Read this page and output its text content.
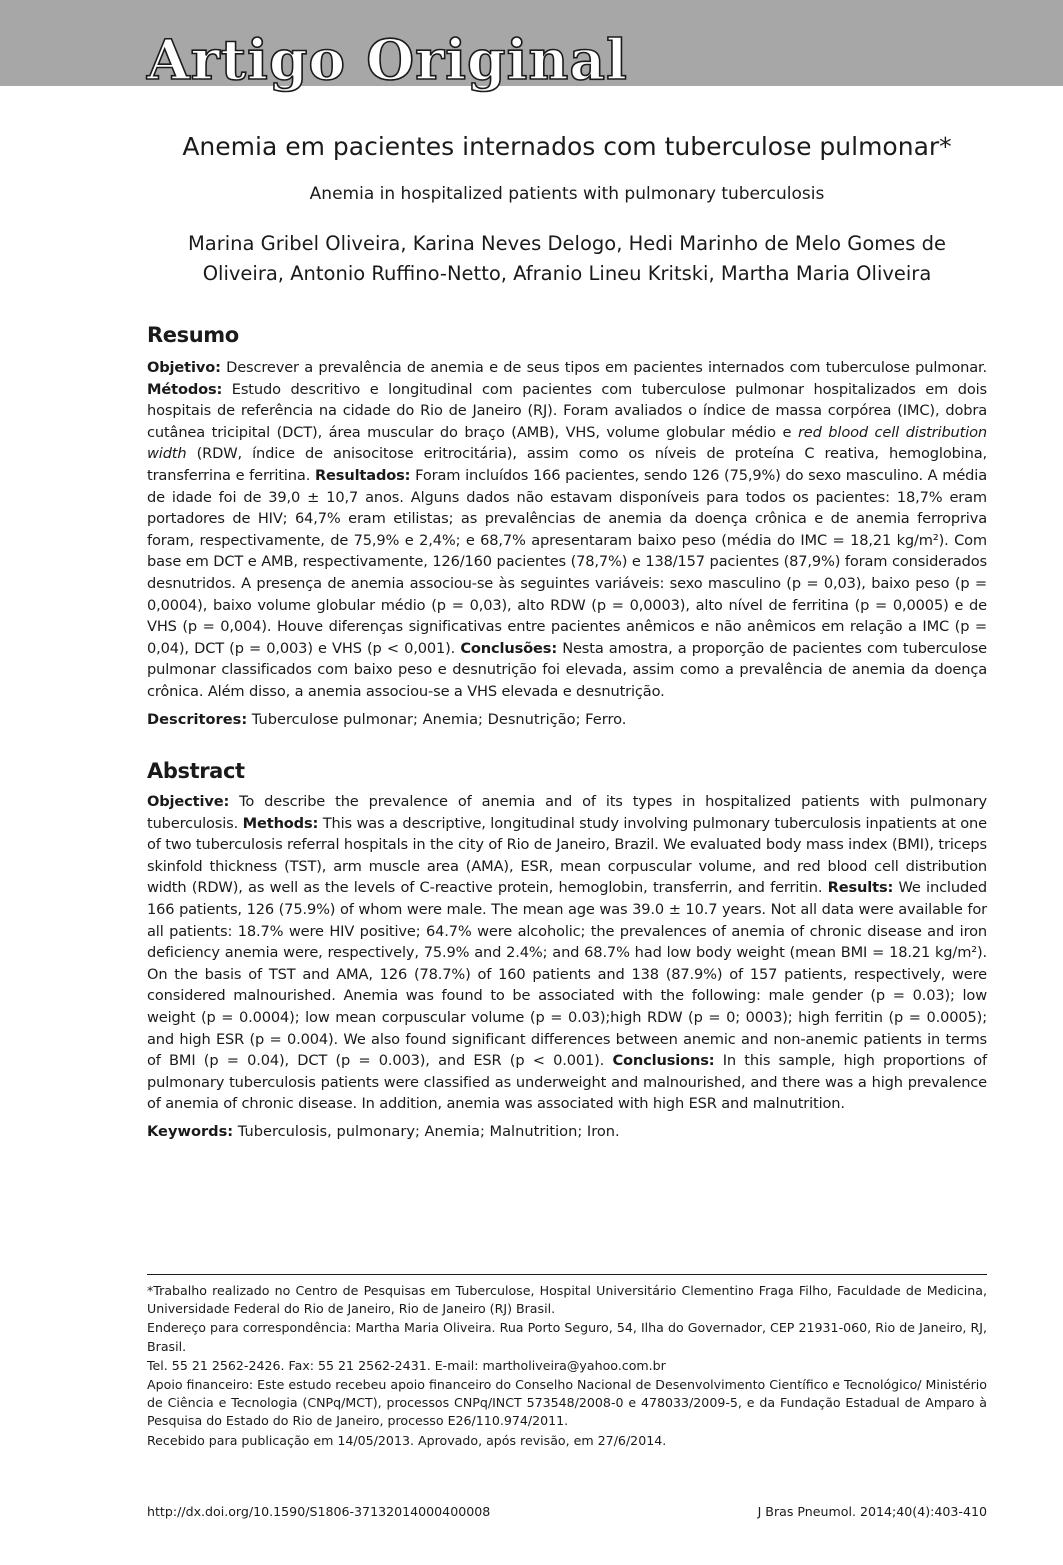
Artigo Original
Anemia em pacientes internados com tuberculose pulmonar*

Anemia in hospitalized patients with pulmonary tuberculosis

Marina Gribel Oliveira, Karina Neves Delogo, Hedi Marinho de Melo Gomes de
Oliveira, Antonio Ruffino-Netto, Afranio Lineu Kritski, Martha Maria Oliveira
Resumo

Objetivo: Descrever a prevalência de anemia e de seus tipos em pacientes internados com tuberculose pulmonar. Métodos: Estudo descritivo e longitudinal com pacientes com tuberculose pulmonar hospitalizados em dois hospitais de referência na cidade do Rio de Janeiro (RJ). Foram avaliados o índice de massa corpórea (IMC), dobra cutânea tricipital (DCT), área muscular do braço (AMB), VHS, volume globular médio e red blood cell distribution width (RDW, índice de anisocitose eritrocitária), assim como os níveis de proteína C reativa, hemoglobina, transferrina e ferritina. Resultados: Foram incluídos 166 pacientes, sendo 126 (75,9%) do sexo masculino. A média de idade foi de 39,0 ± 10,7 anos. Alguns dados não estavam disponíveis para todos os pacientes: 18,7% eram portadores de HIV; 64,7% eram etilistas; as prevalências de anemia da doença crônica e de anemia ferropriva foram, respectivamente, de 75,9% e 2,4%; e 68,7% apresentaram baixo peso (média do IMC = 18,21 kg/m²). Com base em DCT e AMB, respectivamente, 126/160 pacientes (78,7%) e 138/157 pacientes (87,9%) foram considerados desnutridos. A presença de anemia associou-se às seguintes variáveis: sexo masculino (p = 0,03), baixo peso (p = 0,0004), baixo volume globular médio (p = 0,03), alto RDW (p = 0,0003), alto nível de ferritina (p = 0,0005) e de VHS (p = 0,004). Houve diferenças significativas entre pacientes anêmicos e não anêmicos em relação a IMC (p = 0,04), DCT (p = 0,003) e VHS (p < 0,001). Conclusões: Nesta amostra, a proporção de pacientes com tuberculose pulmonar classificados com baixo peso e desnutrição foi elevada, assim como a prevalência de anemia da doença crônica. Além disso, a anemia associou-se a VHS elevada e desnutrição.

Descritores: Tuberculose pulmonar; Anemia; Desnutrição; Ferro.

Abstract

Objective: To describe the prevalence of anemia and of its types in hospitalized patients with pulmonary tuberculosis. Methods: This was a descriptive, longitudinal study involving pulmonary tuberculosis inpatients at one of two tuberculosis referral hospitals in the city of Rio de Janeiro, Brazil. We evaluated body mass index (BMI), triceps skinfold thickness (TST), arm muscle area (AMA), ESR, mean corpuscular volume, and red blood cell distribution width (RDW), as well as the levels of C-reactive protein, hemoglobin, transferrin, and ferritin. Results: We included 166 patients, 126 (75.9%) of whom were male. The mean age was 39.0 ± 10.7 years. Not all data were available for all patients: 18.7% were HIV positive; 64.7% were alcoholic; the prevalences of anemia of chronic disease and iron deficiency anemia were, respectively, 75.9% and 2.4%; and 68.7% had low body weight (mean BMI = 18.21 kg/m²). On the basis of TST and AMA, 126 (78.7%) of 160 patients and 138 (87.9%) of 157 patients, respectively, were considered malnourished. Anemia was found to be associated with the following: male gender (p = 0.03); low weight (p = 0.0004); low mean corpuscular volume (p = 0.03);high RDW (p = 0; 0003); high ferritin (p = 0.0005); and high ESR (p = 0.004). We also found significant differences between anemic and non-anemic patients in terms of BMI (p = 0.04), DCT (p = 0.003), and ESR (p < 0.001). Conclusions: In this sample, high proportions of pulmonary tuberculosis patients were classified as underweight and malnourished, and there was a high prevalence of anemia of chronic disease. In addition, anemia was associated with high ESR and malnutrition.

Keywords: Tuberculosis, pulmonary; Anemia; Malnutrition; Iron.

*Trabalho realizado no Centro de Pesquisas em Tuberculose, Hospital Universitário Clementino Fraga Filho, Faculdade de Medicina, Universidade Federal do Rio de Janeiro, Rio de Janeiro (RJ) Brasil.

Endereço para correspondência: Martha Maria Oliveira. Rua Porto Seguro, 54, Ilha do Governador, CEP 21931-060, Rio de Janeiro, RJ, Brasil.

Tel. 55 21 2562-2426. Fax: 55 21 2562-2431. E-mail: martholiveira@yahoo.com.br

Apoio financeiro: Este estudo recebeu apoio financeiro do Conselho Nacional de Desenvolvimento Científico e Tecnológico/ Ministério de Ciência e Tecnologia (CNPq/MCT), processos CNPq/INCT 573548/2008-0 e 478033/2009-5, e da Fundação Estadual de Amparo à Pesquisa do Estado do Rio de Janeiro, processo E26/110.974/2011.

Recebido para publicação em 14/05/2013. Aprovado, após revisão, em 27/6/2014.

http://dx.doi.org/10.1590/S1806-37132014000400008	J Bras Pneumol. 2014;40(4):403-410
